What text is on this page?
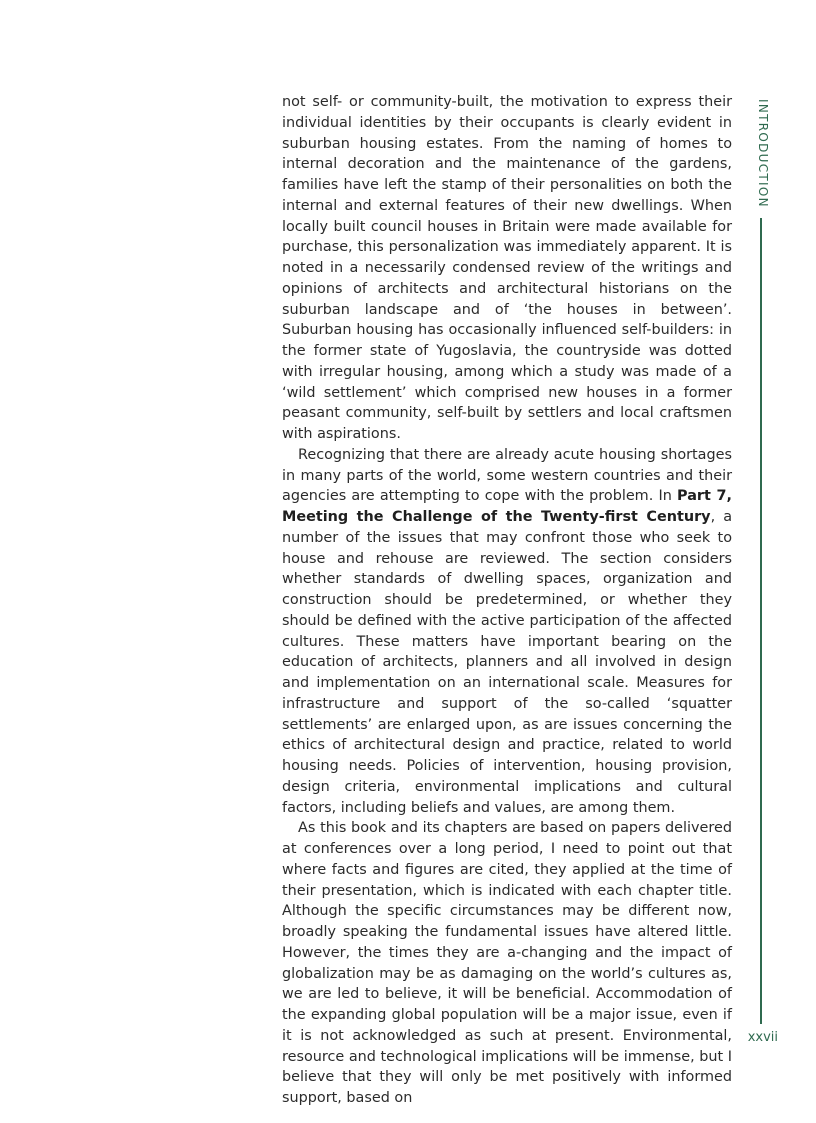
not self- or community-built, the motivation to express their individual identities by their occupants is clearly evident in suburban housing estates. From the naming of homes to internal decoration and the maintenance of the gardens, families have left the stamp of their personalities on both the internal and external features of their new dwellings. When locally built council houses in Britain were made available for purchase, this personalization was immediately apparent. It is noted in a necessarily condensed review of the writings and opinions of architects and architectural historians on the suburban landscape and of ‘the houses in between’. Suburban housing has occasionally influenced self-builders: in the former state of Yugoslavia, the countryside was dotted with irregular housing, among which a study was made of a ‘wild settlement’ which comprised new houses in a former peasant community, self-built by settlers and local craftsmen with aspirations.

Recognizing that there are already acute housing shortages in many parts of the world, some western countries and their agencies are attempting to cope with the problem. In Part 7, Meeting the Challenge of the Twenty-first Century, a number of the issues that may confront those who seek to house and rehouse are reviewed. The section considers whether standards of dwelling spaces, organization and construction should be predetermined, or whether they should be defined with the active participation of the affected cultures. These matters have important bearing on the education of architects, planners and all involved in design and implementation on an international scale. Measures for infrastructure and support of the so-called ‘squatter settlements’ are enlarged upon, as are issues concerning the ethics of architectural design and practice, related to world housing needs. Policies of intervention, housing provision, design criteria, environmental implications and cultural factors, including beliefs and values, are among them.

As this book and its chapters are based on papers delivered at conferences over a long period, I need to point out that where facts and figures are cited, they applied at the time of their presentation, which is indicated with each chapter title. Although the specific circumstances may be different now, broadly speaking the fundamental issues have altered little. However, the times they are a-changing and the impact of globalization may be as damaging on the world’s cultures as, we are led to believe, it will be beneficial. Accommodation of the expanding global population will be a major issue, even if it is not acknowledged as such at present. Environmental, resource and technological implications will be immense, but I believe that they will only be met positively with informed support, based on

INTRODUCTION
xxvii
